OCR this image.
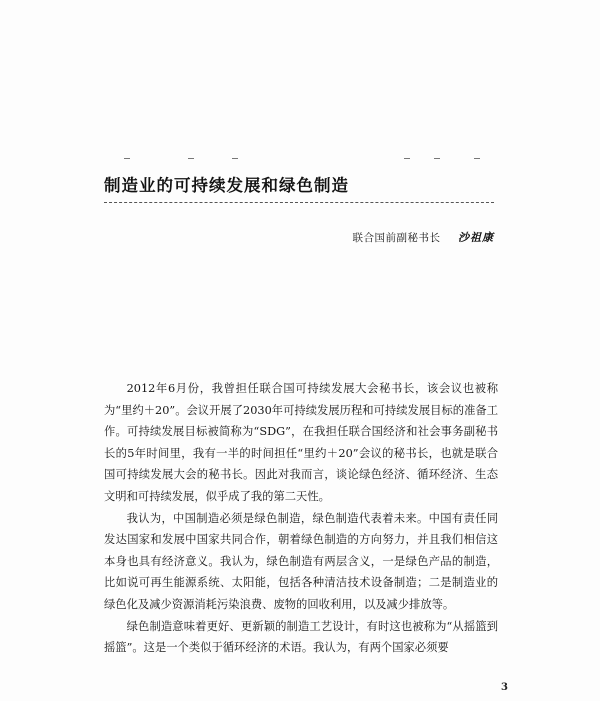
制造业的可持续发展和绿色制造
联合国前副秘书长 沙祖康

2012年6月份，我曾担任联合国可持续发展大会秘书长，该会议也被称为“里约＋20”。会议开展了2030年可持续发展历程和可持续发展目标的准备工作。可持续发展目标被简称为“SDG”，在我担任联合国经济和社会事务副秘书长的5年时间里，我有一半的时间担任“里约＋20”会议的秘书长，也就是联合国可持续发展大会的秘书长。因此对我而言，谈论绿色经济、循环经济、生态文明和可持续发展，似乎成了我的第二天性。

我认为，中国制造必须是绿色制造，绿色制造代表着未来。中国有责任同发达国家和发展中国家共同合作，朝着绿色制造的方向努力，并且我们相信这本身也具有经济意义。我认为，绿色制造有两层含义，一是绿色产品的制造，比如说可再生能源系统、太阳能，包括各种清洁技术设备制造；二是制造业的绿色化及减少资源消耗污染浪费、废物的回收利用，以及减少排放等。

绿色制造意味着更好、更新颖的制造工艺设计，有时这也被称为“从摇篮到摇篮”。这是一个类似于循环经济的术语。我认为，有两个国家必须要

3
